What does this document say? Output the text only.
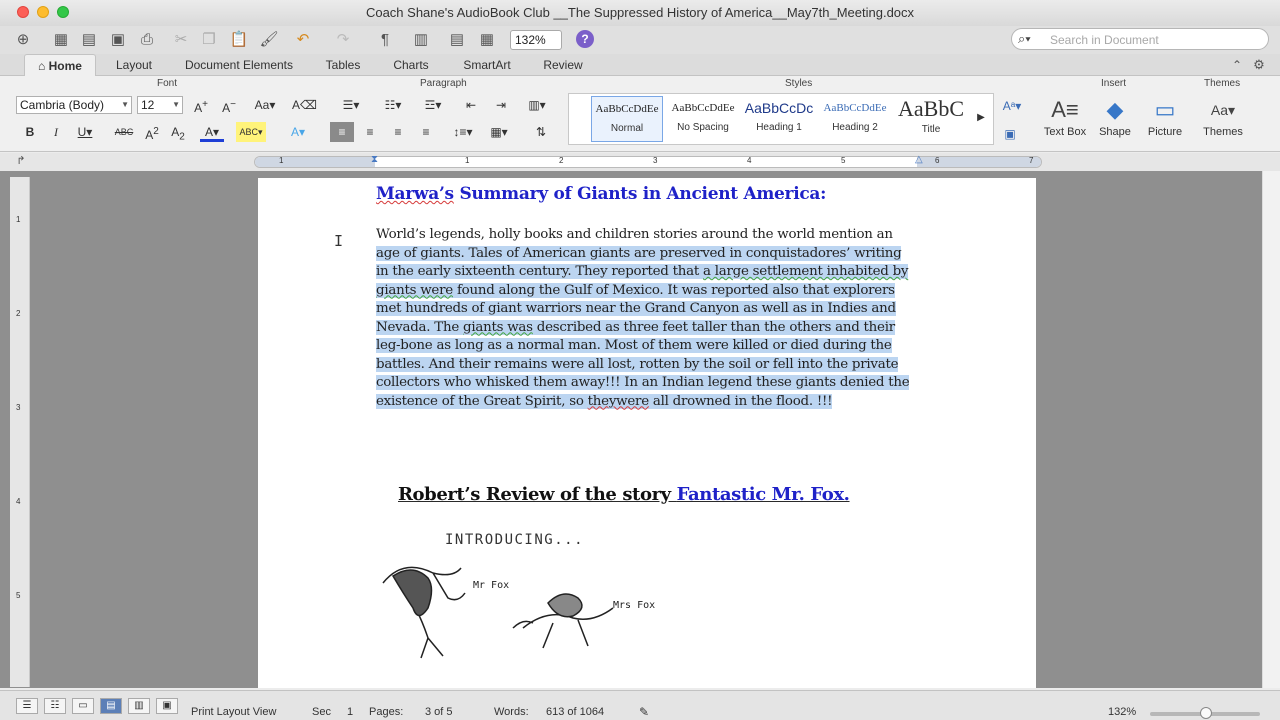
Coach Shane's AudioBook Club __The Suppressed History of America__May7th_Meeting.docx
⊕	▦ ▤ ▣	⎙	✂ ❐ 📋 🖌	↶	↷	¶	▥ ▤ ▦	132%	?	⌕▾ Search in Document
⌂ Home	Layout	Document Elements	Tables	Charts	SmartArt	Review	⌃ ⚙
Font	Paragraph	Styles	Insert	Themes
Cambria (Body) ▼	12 ▼	A+	A−	Aa▾ A⌫
B	I	U▾	ABC $A^2$ $A_2$	A▾	ABC▾	A▾
☰▾	☷▾	☲▾	⇤	⇥	▥▾
≡	≡	≡	≡	↕≡▾	▦▾	⇅
AaBbCcDdEe
Normal
AaBbCcDdEe
No Spacing
AaBbCcDc
Heading 1
AaBbCcDdEe
Heading 2
AaBbC
Title
▶
Aᵃ▾
▣
A≡
Text Box
◆
Shape
▭
Picture
Aa▾
Themes
↱	1	⧗	1	2	3	4	5	△ 6	7
1
2
3
4
5
Marwa’s Summary of Giants in Ancient America:
World’s legends, holly books and children stories around the world mention an
age of giants. Tales of American giants are preserved in conquistadores’ writing
in the early sixteenth century. They reported that a large settlement inhabited by
giants were found along the Gulf of Mexico. It was reported also that explorers
met hundreds of giant warriors near the Grand Canyon as well as in Indies and
Nevada. The giants was described as three feet taller than the others and their
leg-bone as long as a normal man. Most of them were killed or died during the
battles. And their remains were all lost, rotten by the soil or fell into the private
collectors who whisked them away!!! In an Indian legend these giants denied the
existence of the Great Spirit, so theywere all drowned in the flood. !!!
Robert’s Review of the story Fantastic Mr. Fox.
INTRODUCING...
Mr Fox
Mrs Fox
I
☰	☷	▭	▤	▥	▣
Print Layout View	Sec 1 Pages: 3 of 5	Words: 613 of 1064	✎	132%
